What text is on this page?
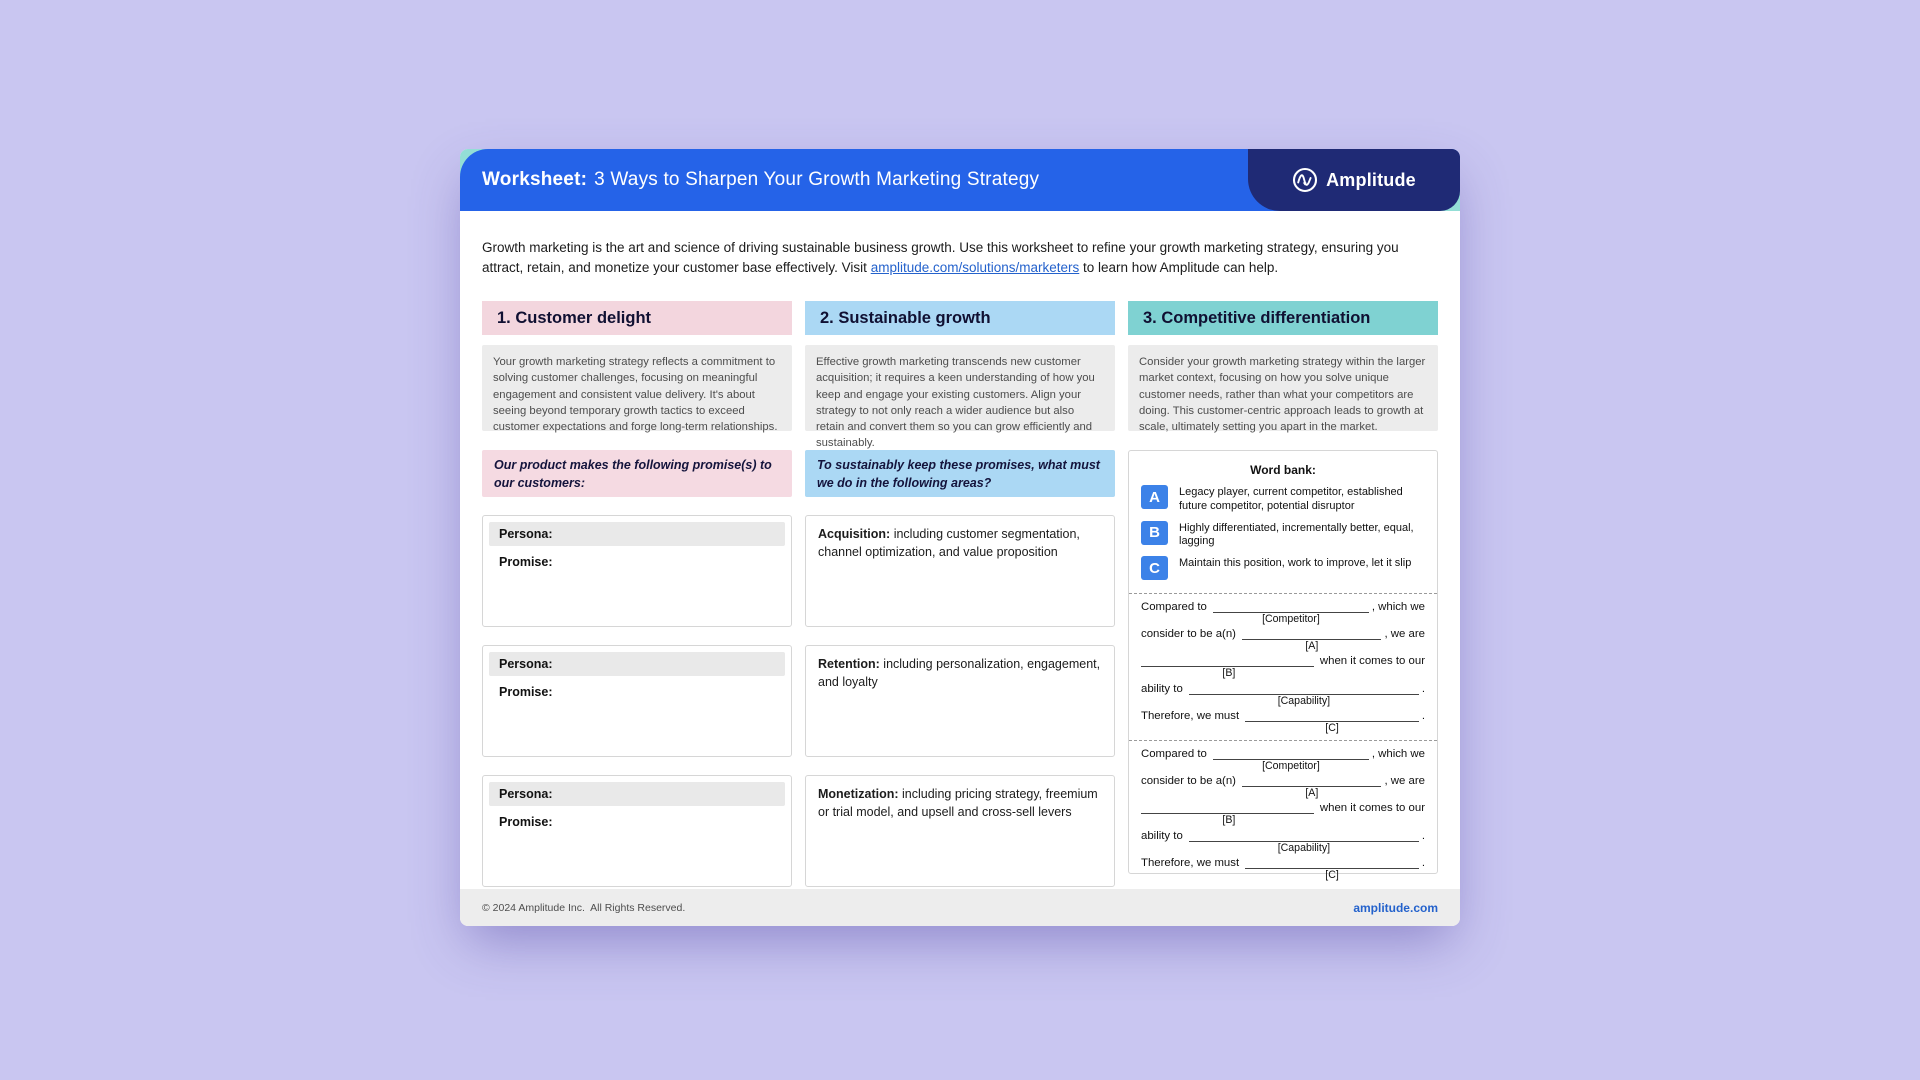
Worksheet: 3 Ways to Sharpen Your Growth Marketing Strategy	Amplitude
Growth marketing is the art and science of driving sustainable business growth. Use this worksheet to refine your growth marketing strategy, ensuring you attract, retain, and monetize your customer base effectively. Visit amplitude.com/solutions/marketers to learn how Amplitude can help.
1. Customer delight
Your growth marketing strategy reflects a commitment to solving customer challenges, focusing on meaningful engagement and consistent value delivery. It's about seeing beyond temporary growth tactics to exceed customer expectations and forge long-term relationships.
Our product makes the following promise(s) to our customers:
Persona:
Promise:
Persona:
Promise:
Persona:
Promise:
2. Sustainable growth
Effective growth marketing transcends new customer acquisition; it requires a keen understanding of how you keep and engage your existing customers. Align your strategy to not only reach a wider audience but also retain and convert them so you can grow efficiently and sustainably.
To sustainably keep these promises, what must we do in the following areas?
Acquisition: including customer segmentation, channel optimization, and value proposition
Retention: including personalization, engagement, and loyalty
Monetization: including pricing strategy, freemium or trial model, and upsell and cross-sell levers
3. Competitive differentiation
Consider your growth marketing strategy within the larger market context, focusing on how you solve unique customer needs, rather than what your competitors are doing. This customer-centric approach leads to growth at scale, ultimately setting you apart in the market.
Word bank:
A	Legacy player, current competitor, established future competitor, potential disruptor
B	Highly differentiated, incrementally better, equal, lagging
C	Maintain this position, work to improve, let it slip
Compared to	, which we
[Competitor]
consider to be a(n)	, we are
[A]
when it comes to our
[B]
ability to	.
[Capability]
Therefore, we must	.
[C]
Compared to	, which we
[Competitor]
consider to be a(n)	, we are
[A]
when it comes to our
[B]
ability to	.
[Capability]
Therefore, we must	.
[C]
© 2024 Amplitude Inc.  All Rights Reserved.	amplitude.com
